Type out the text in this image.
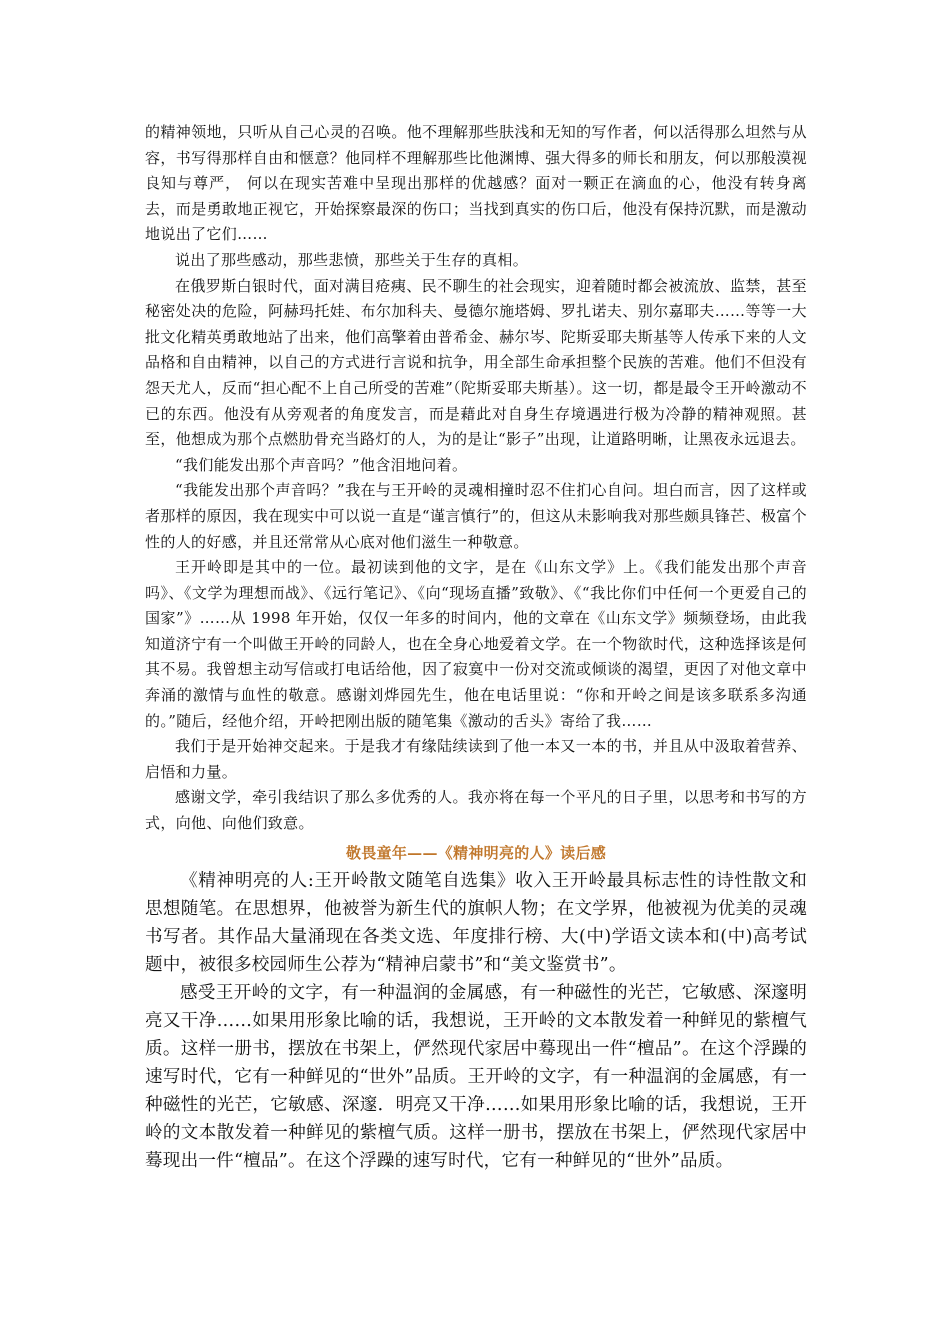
的精神领地，只听从自己心灵的召唤。他不理解那些肤浅和无知的写作者，何以活得那么坦然与从容，书写得那样自由和惬意？他同样不理解那些比他渊博、强大得多的师长和朋友，何以那般漠视良知与尊严， 何以在现实苦难中呈现出那样的优越感？面对一颗正在滴血的心，他没有转身离去，而是勇敢地正视它，开始探察最深的伤口；当找到真实的伤口后，他没有保持沉默，而是激动地说出了它们……

说出了那些感动，那些悲愤，那些关于生存的真相。

在俄罗斯白银时代，面对满目疮痍、民不聊生的社会现实，迎着随时都会被流放、监禁，甚至秘密处决的危险，阿赫玛托娃、布尔加科夫、曼德尔施塔姆、罗扎诺夫、别尔嘉耶夫……等等一大批文化精英勇敢地站了出来，他们高擎着由普希金、赫尔岑、陀斯妥耶夫斯基等人传承下来的人文品格和自由精神，以自己的方式进行言说和抗争，用全部生命承担整个民族的苦难。他们不但没有怨天尤人，反而“担心配不上自己所受的苦难”（陀斯妥耶夫斯基）。这一切，都是最令王开岭激动不已的东西。他没有从旁观者的角度发言，而是藉此对自身生存境遇进行极为冷静的精神观照。甚至，他想成为那个点燃肋骨充当路灯的人，为的是让“影子”出现，让道路明晰，让黑夜永远退去。

“我们能发出那个声音吗？”他含泪地问着。

“我能发出那个声音吗？”我在与王开岭的灵魂相撞时忍不住扪心自问。坦白而言，因了这样或者那样的原因，我在现实中可以说一直是“谨言慎行”的，但这从未影响我对那些颇具锋芒、极富个性的人的好感，并且还常常从心底对他们滋生一种敬意。

王开岭即是其中的一位。最初读到他的文字，是在《山东文学》上。《我们能发出那个声音吗》、《文学为理想而战》、《远行笔记》、《向“现场直播”致敬》、《“我比你们中任何一个更爱自己的国家”》……从 1998 年开始，仅仅一年多的时间内，他的文章在《山东文学》频频登场，由此我知道济宁有一个叫做王开岭的同龄人，也在全身心地爱着文学。在一个物欲时代，这种选择该是何其不易。我曾想主动写信或打电话给他，因了寂寞中一份对交流或倾谈的渴望，更因了对他文章中奔涌的激情与血性的敬意。感谢刘烨园先生，他在电话里说：“你和开岭之间是该多联系多沟通的。”随后，经他介绍，开岭把刚出版的随笔集《激动的舌头》寄给了我……

我们于是开始神交起来。于是我才有缘陆续读到了他一本又一本的书，并且从中汲取着营养、启悟和力量。

感谢文学，牵引我结识了那么多优秀的人。我亦将在每一个平凡的日子里，以思考和书写的方式，向他、向他们致意。

敬畏童年——《精神明亮的人》读后感

《精神明亮的人:王开岭散文随笔自选集》收入王开岭最具标志性的诗性散文和思想随笔。在思想界，他被誉为新生代的旗帜人物；在文学界，他被视为优美的灵魂书写者。其作品大量涌现在各类文选、年度排行榜、大(中)学语文读本和(中)高考试题中，被很多校园师生公荐为“精神启蒙书”和“美文鉴赏书”。

感受王开岭的文字，有一种温润的金属感，有一种磁性的光芒，它敏感、深邃明亮又干净……如果用形象比喻的话，我想说，王开岭的文本散发着一种鲜见的紫檀气质。这样一册书，摆放在书架上，俨然现代家居中蓦现出一件“檀品”。在这个浮躁的速写时代，它有一种鲜见的“世外”品质。王开岭的文字，有一种温润的金属感，有一种磁性的光芒，它敏感、深邃．明亮又干净……如果用形象比喻的话，我想说，王开岭的文本散发着一种鲜见的紫檀气质。这样一册书，摆放在书架上，俨然现代家居中蓦现出一件“檀品”。在这个浮躁的速写时代，它有一种鲜见的“世外”品质。
